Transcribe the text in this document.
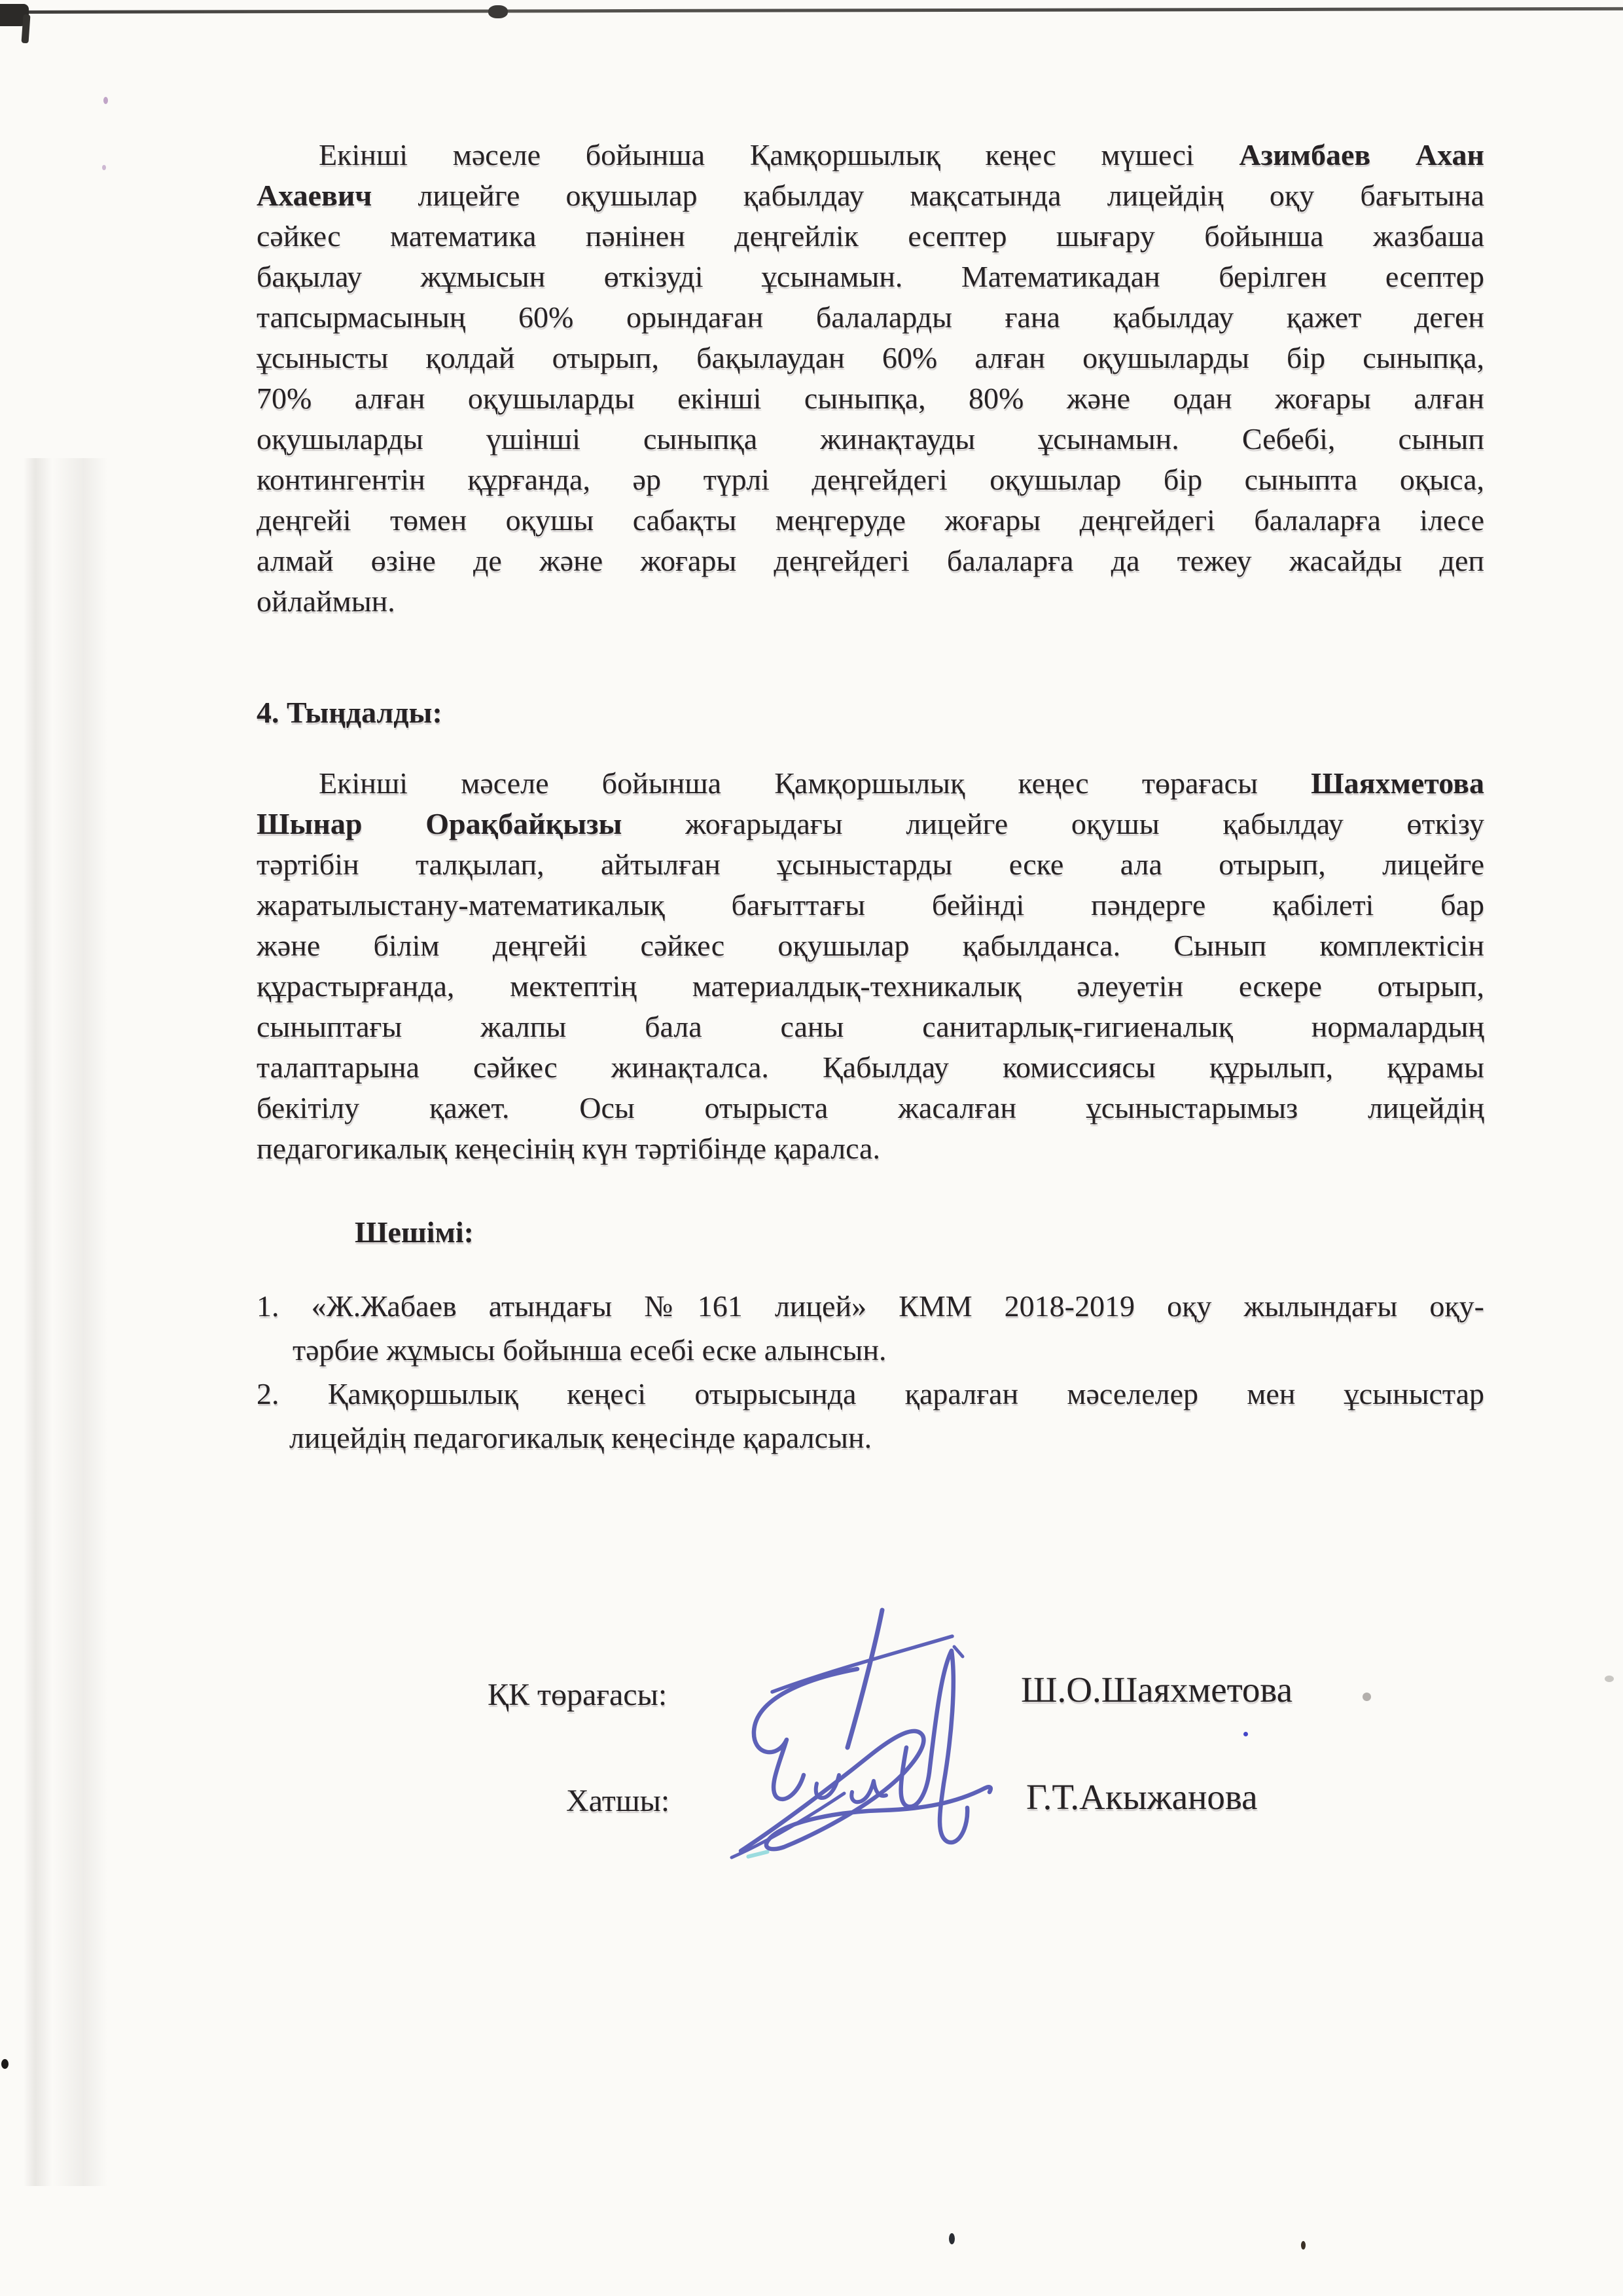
Екінші мәселе бойынша Қамқоршылық кеңес мүшесі Азимбаев Ахан
Ахаевич лицейге оқушылар қабылдау мақсатында лицейдің оқу бағытына
сәйкес математика пәнінен деңгейлік есептер шығару бойынша жазбаша
бақылау жұмысын өткізуді ұсынамын. Математикадан берілген есептер
тапсырмасының 60% орындаған балаларды ғана қабылдау қажет деген
ұсынысты қолдай отырып, бақылаудан 60% алған оқушыларды бір сыныпқа,
70% алған оқушыларды екінші сыныпқа, 80% және одан жоғары алған
оқушыларды үшінші сыныпқа жинақтауды ұсынамын. Себебі, сынып
контингентін құрғанда, әр түрлі деңгейдегі оқушылар бір сыныпта оқыса,
деңгейі төмен оқушы сабақты меңгеруде жоғары деңгейдегі балаларға ілесе
алмай өзіне де және жоғары деңгейдегі балаларға да тежеу жасайды деп
ойлаймын.
4. Тыңдалды:
Екінші мәселе бойынша Қамқоршылық кеңес төрағасы Шаяхметова
Шынар Орақбайқызы жоғарыдағы лицейге оқушы қабылдау өткізу
тәртібін талқылап, айтылған ұсыныстарды еске ала отырып, лицейге
жаратылыстану-математикалық бағыттағы бейінді пәндерге қабілеті бар
және білім деңгейі сәйкес оқушылар қабылданса. Сынып комплектісін
құрастырғанда, мектептің материалдық-техникалық әлеуетін ескере отырып,
сыныптағы жалпы бала саны санитарлық-гигиеналық нормалардың
талаптарына сәйкес жинақталса. Қабылдау комиссиясы құрылып, құрамы
бекітілу қажет. Осы отырыста жасалған ұсыныстарымыз лицейдің
педагогикалық кеңесінің күн тәртібінде қаралса.
Шешімі:
1. «Ж.Жабаев атындағы №161 лицей» КММ 2018-2019 оқу жылындағы оқу-
тәрбие жұмысы бойынша есебі еске алынсын.
2. Қамқоршылық кеңесі отырысында қаралған мәселелер мен ұсыныстар
лицейдің педагогикалық кеңесінде қаралсын.
ҚК төрағасы:	Ш.О.Шаяхметова
Хатшы:	Г.Т.Акыжанова
